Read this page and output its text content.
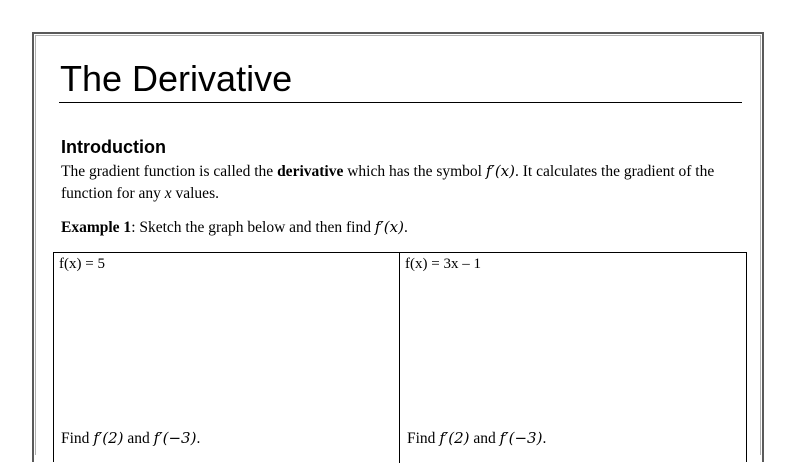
The Derivative
Introduction

The gradient function is called the derivative which has the symbol f′(x). It calculates the gradient of the function for any x values.

Example 1: Sketch the graph below and then find f′(x).

f(x) = 5

Find f′(2) and f′(−3).

f(x) = 3x – 1

Find f′(2) and f′(−3).
